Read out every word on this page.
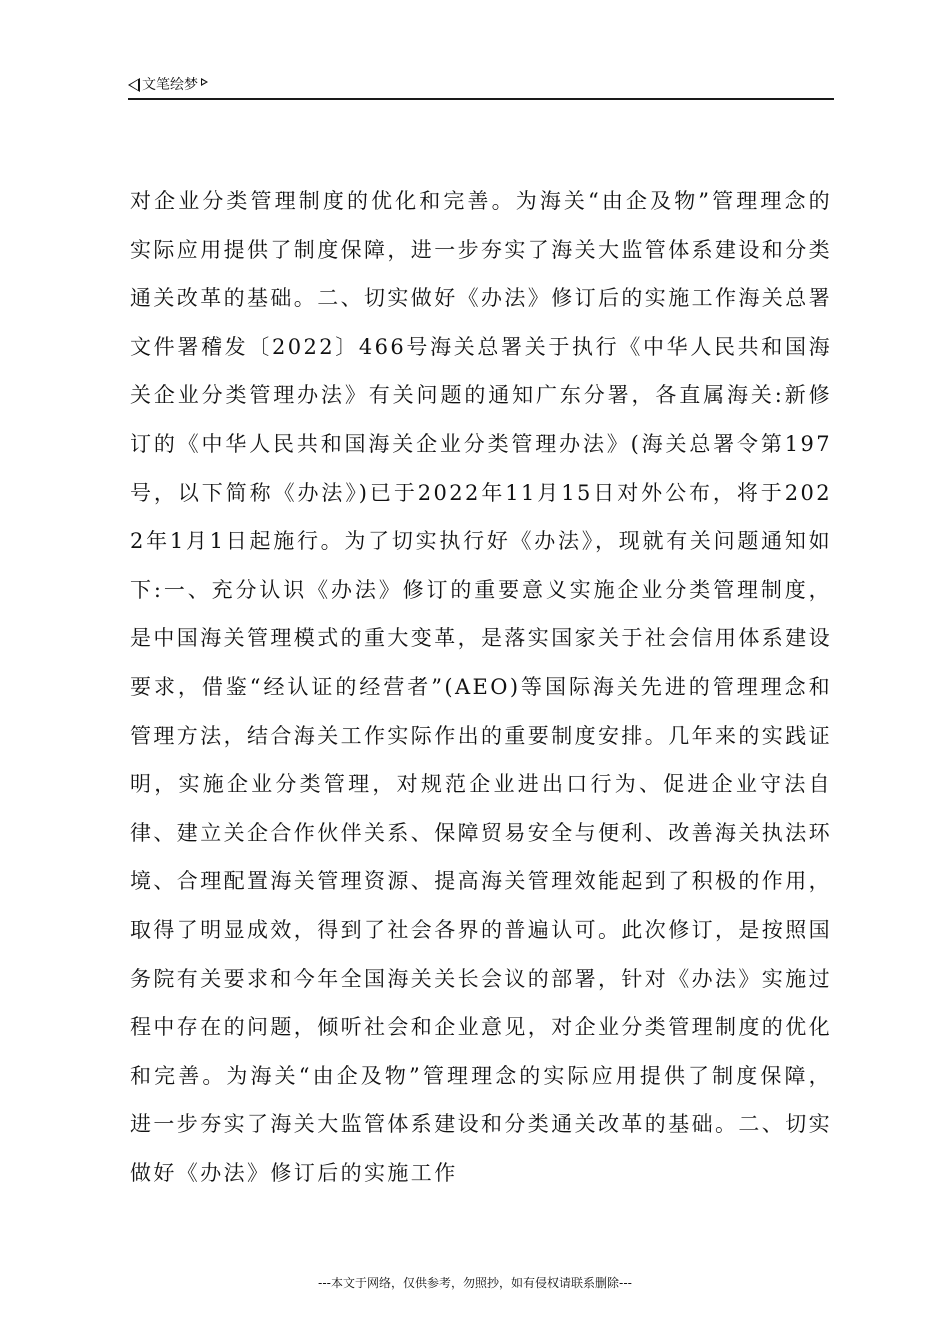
文笔绘梦

对企业分类管理制度的优化和完善。为海关“由企及物”管理理念的实际应用提供了制度保障，进一步夯实了海关大监管体系建设和分类通关改革的基础。二、切实做好《办法》修订后的实施工作海关总署文件署稽发〔2022〕466号海关总署关于执行《中华人民共和国海关企业分类管理办法》有关问题的通知广东分署，各直属海关:新修订的《中华人民共和国海关企业分类管理办法》(海关总署令第197号，以下简称《办法》)已于2022年11月15日对外公布，将于2022年1月1日起施行。为了切实执行好《办法》，现就有关问题通知如下:一、充分认识《办法》修订的重要意义实施企业分类管理制度，是中国海关管理模式的重大变革，是落实国家关于社会信用体系建设要求，借鉴“经认证的经营者”(AEO)等国际海关先进的管理理念和管理方法，结合海关工作实际作出的重要制度安排。几年来的实践证明，实施企业分类管理，对规范企业进出口行为、促进企业守法自律、建立关企合作伙伴关系、保障贸易安全与便利、改善海关执法环境、合理配置海关管理资源、提高海关管理效能起到了积极的作用，取得了明显成效，得到了社会各界的普遍认可。此次修订，是按照国务院有关要求和今年全国海关关长会议的部署，针对《办法》实施过程中存在的问题，倾听社会和企业意见，对企业分类管理制度的优化和完善。为海关“由企及物”管理理念的实际应用提供了制度保障，进一步夯实了海关大监管体系建设和分类通关改革的基础。二、切实做好《办法》修订后的实施工作

---本文于网络，仅供参考，勿照抄，如有侵权请联系删除---
